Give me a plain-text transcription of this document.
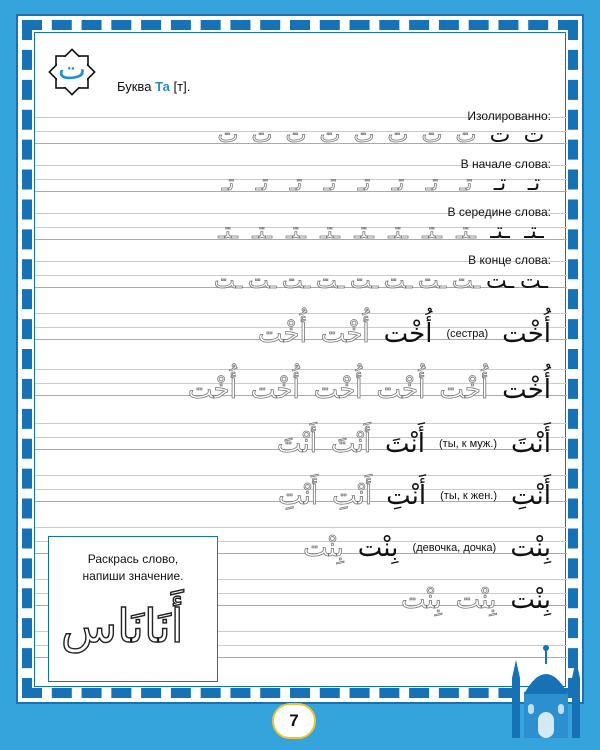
ت	Буква Та [т].
Изолированно:
В начале слова:
В середине слова:
В конце слова:
ت
ت
ت
ت
ت
ت
ت
ت
ت
ت
تـ
تـ
تـ
تـ
تـ
تـ
تـ
تـ
تـ
تـ
ـتـ
ـتـ
ـتـ
ـتـ
ـتـ
ـتـ
ـتـ
ـتـ
ـتـ
ـتـ
ـت
ـت
ـت
ـت
ـت
ـت
ـت
ـت
ـت
ـت
أُخْت
(сестра)
أُخْت
أُخْت
أُخْت
أُخْت
أُخْت
أُخْت
أُخْت
أُخْت
أُخْت
أَنْتَ
(ты, к муж.)
أَنْتَ
أَنْتَ
أَنْتَ
أَنْتِ
(ты, к жен.)
أَنْتِ
أَنْتِ
أَنْتِ
بِنْت
(девочка, дочка)
بِنْت
بِنْت
بِنْت
بِنْت
بِنْت
Раскрась слово,
напиши значение.
أَنَانَاس
7
